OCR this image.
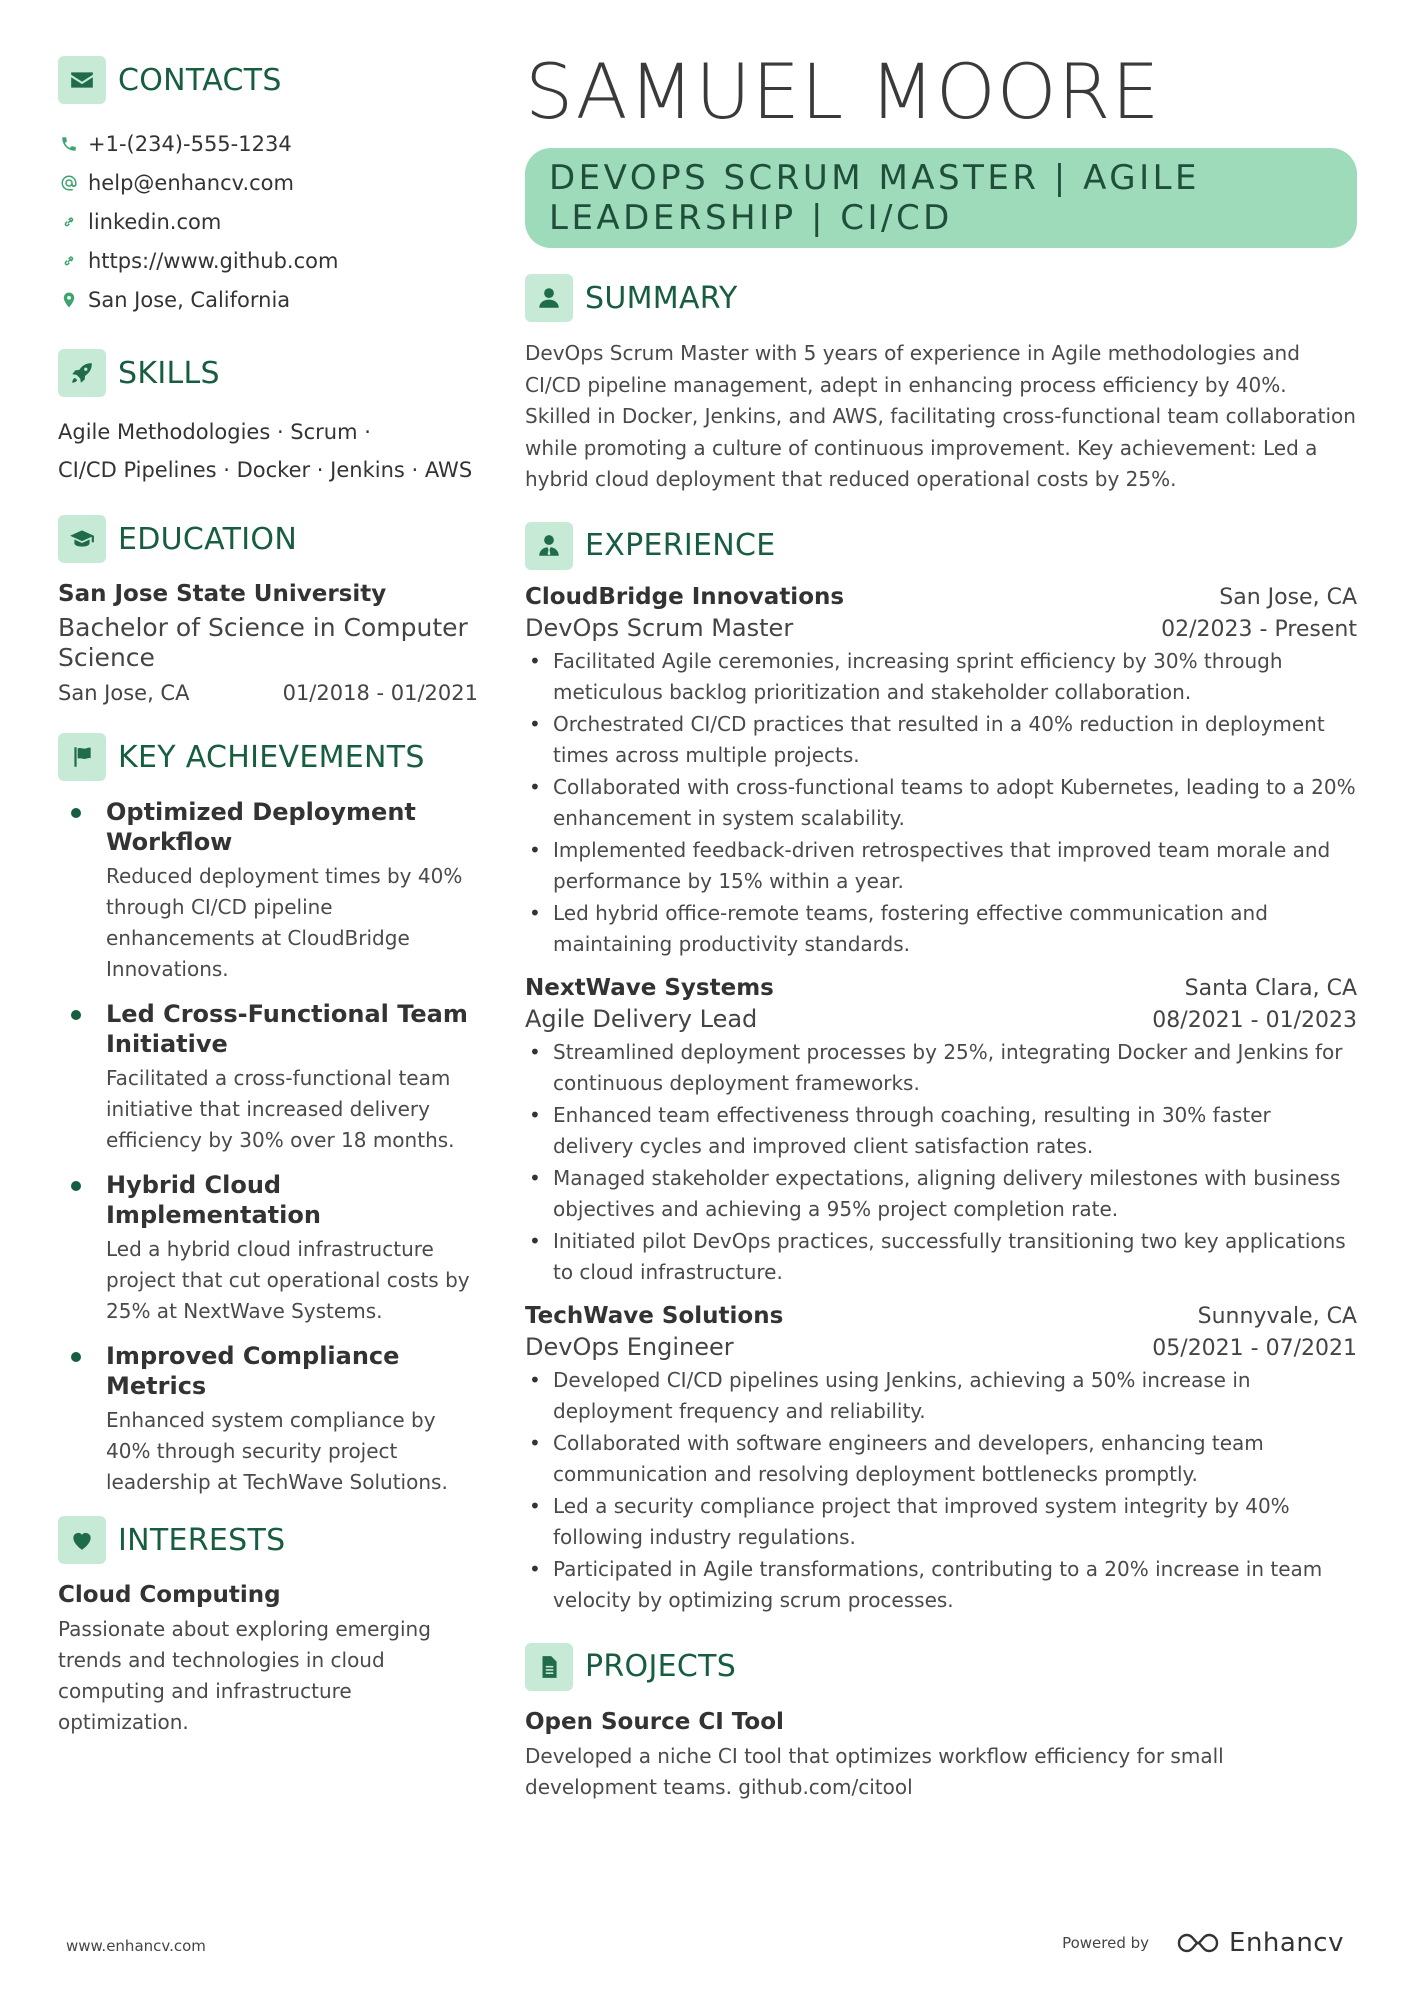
CONTACTS
+1-(234)-555-1234
help@enhancv.com
linkedin.com
https://www.github.com
San Jose, California
SKILLS
Agile Methodologies · Scrum ·
CI/CD Pipelines · Docker · Jenkins · AWS
EDUCATION
San Jose State University
Bachelor of Science in Computer Science
San Jose, CA	01/2018 - 01/2021
KEY ACHIEVEMENTS
Optimized Deployment Workflow
Reduced deployment times by 40% through CI/CD pipeline enhancements at CloudBridge Innovations.
Led Cross-Functional Team Initiative
Facilitated a cross-functional team initiative that increased delivery efficiency by 30% over 18 months.
Hybrid Cloud Implementation
Led a hybrid cloud infrastructure project that cut operational costs by 25% at NextWave Systems.
Improved Compliance Metrics
Enhanced system compliance by 40% through security project leadership at TechWave Solutions.
INTERESTS
Cloud Computing
Passionate about exploring emerging trends and technologies in cloud computing and infrastructure optimization.
SAMUEL MOORE
DEVOPS SCRUM MASTER | AGILE LEADERSHIP | CI/CD
SUMMARY
DevOps Scrum Master with 5 years of experience in Agile methodologies and CI/CD pipeline management, adept in enhancing process efficiency by 40%. Skilled in Docker, Jenkins, and AWS, facilitating cross-functional team collaboration while promoting a culture of continuous improvement. Key achievement: Led a hybrid cloud deployment that reduced operational costs by 25%.
EXPERIENCE
CloudBridge Innovations	San Jose, CA
DevOps Scrum Master	02/2023 - Present
• Facilitated Agile ceremonies, increasing sprint efficiency by 30% through meticulous backlog prioritization and stakeholder collaboration.
• Orchestrated CI/CD practices that resulted in a 40% reduction in deployment times across multiple projects.
• Collaborated with cross-functional teams to adopt Kubernetes, leading to a 20% enhancement in system scalability.
• Implemented feedback-driven retrospectives that improved team morale and performance by 15% within a year.
• Led hybrid office-remote teams, fostering effective communication and maintaining productivity standards.
NextWave Systems	Santa Clara, CA
Agile Delivery Lead	08/2021 - 01/2023
• Streamlined deployment processes by 25%, integrating Docker and Jenkins for continuous deployment frameworks.
• Enhanced team effectiveness through coaching, resulting in 30% faster delivery cycles and improved client satisfaction rates.
• Managed stakeholder expectations, aligning delivery milestones with business objectives and achieving a 95% project completion rate.
• Initiated pilot DevOps practices, successfully transitioning two key applications to cloud infrastructure.
TechWave Solutions	Sunnyvale, CA
DevOps Engineer	05/2021 - 07/2021
• Developed CI/CD pipelines using Jenkins, achieving a 50% increase in deployment frequency and reliability.
• Collaborated with software engineers and developers, enhancing team communication and resolving deployment bottlenecks promptly.
• Led a security compliance project that improved system integrity by 40% following industry regulations.
• Participated in Agile transformations, contributing to a 20% increase in team velocity by optimizing scrum processes.
PROJECTS
Open Source CI Tool
Developed a niche CI tool that optimizes workflow efficiency for small development teams. github.com/citool
www.enhancv.com	Powered by	Enhancv
